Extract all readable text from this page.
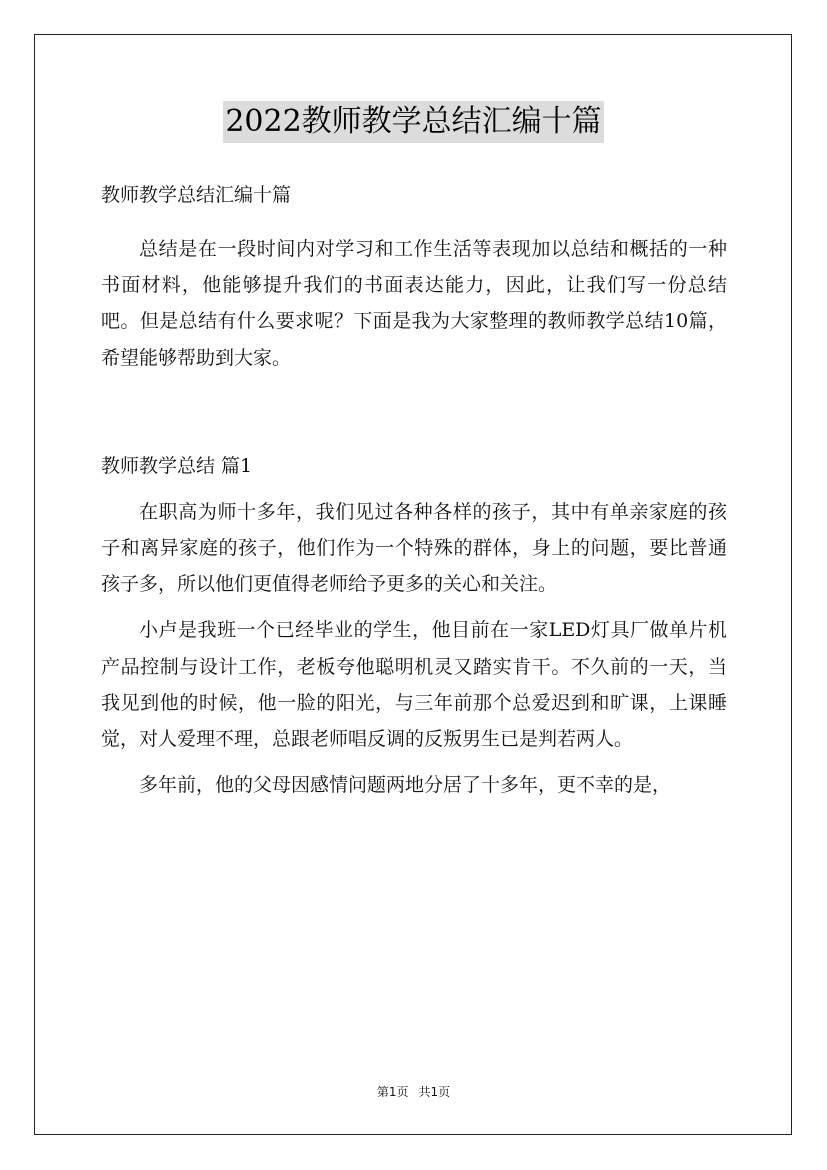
2022教师教学总结汇编十篇

教师教学总结汇编十篇

总结是在一段时间内对学习和工作生活等表现加以总结和概括的一种书面材料，他能够提升我们的书面表达能力，因此，让我们写一份总结吧。但是总结有什么要求呢？下面是我为大家整理的教师教学总结10篇，希望能够帮助到大家。

教师教学总结 篇1

在职高为师十多年，我们见过各种各样的孩子，其中有单亲家庭的孩子和离异家庭的孩子，他们作为一个特殊的群体，身上的问题，要比普通孩子多，所以他们更值得老师给予更多的关心和关注。

小卢是我班一个已经毕业的学生，他目前在一家LED灯具厂做单片机产品控制与设计工作，老板夸他聪明机灵又踏实肯干。不久前的一天，当我见到他的时候，他一脸的阳光，与三年前那个总爱迟到和旷课，上课睡觉，对人爱理不理，总跟老师唱反调的反叛男生已是判若两人。

多年前，他的父母因感情问题两地分居了十多年，更不幸的是，

第1页 共1页
